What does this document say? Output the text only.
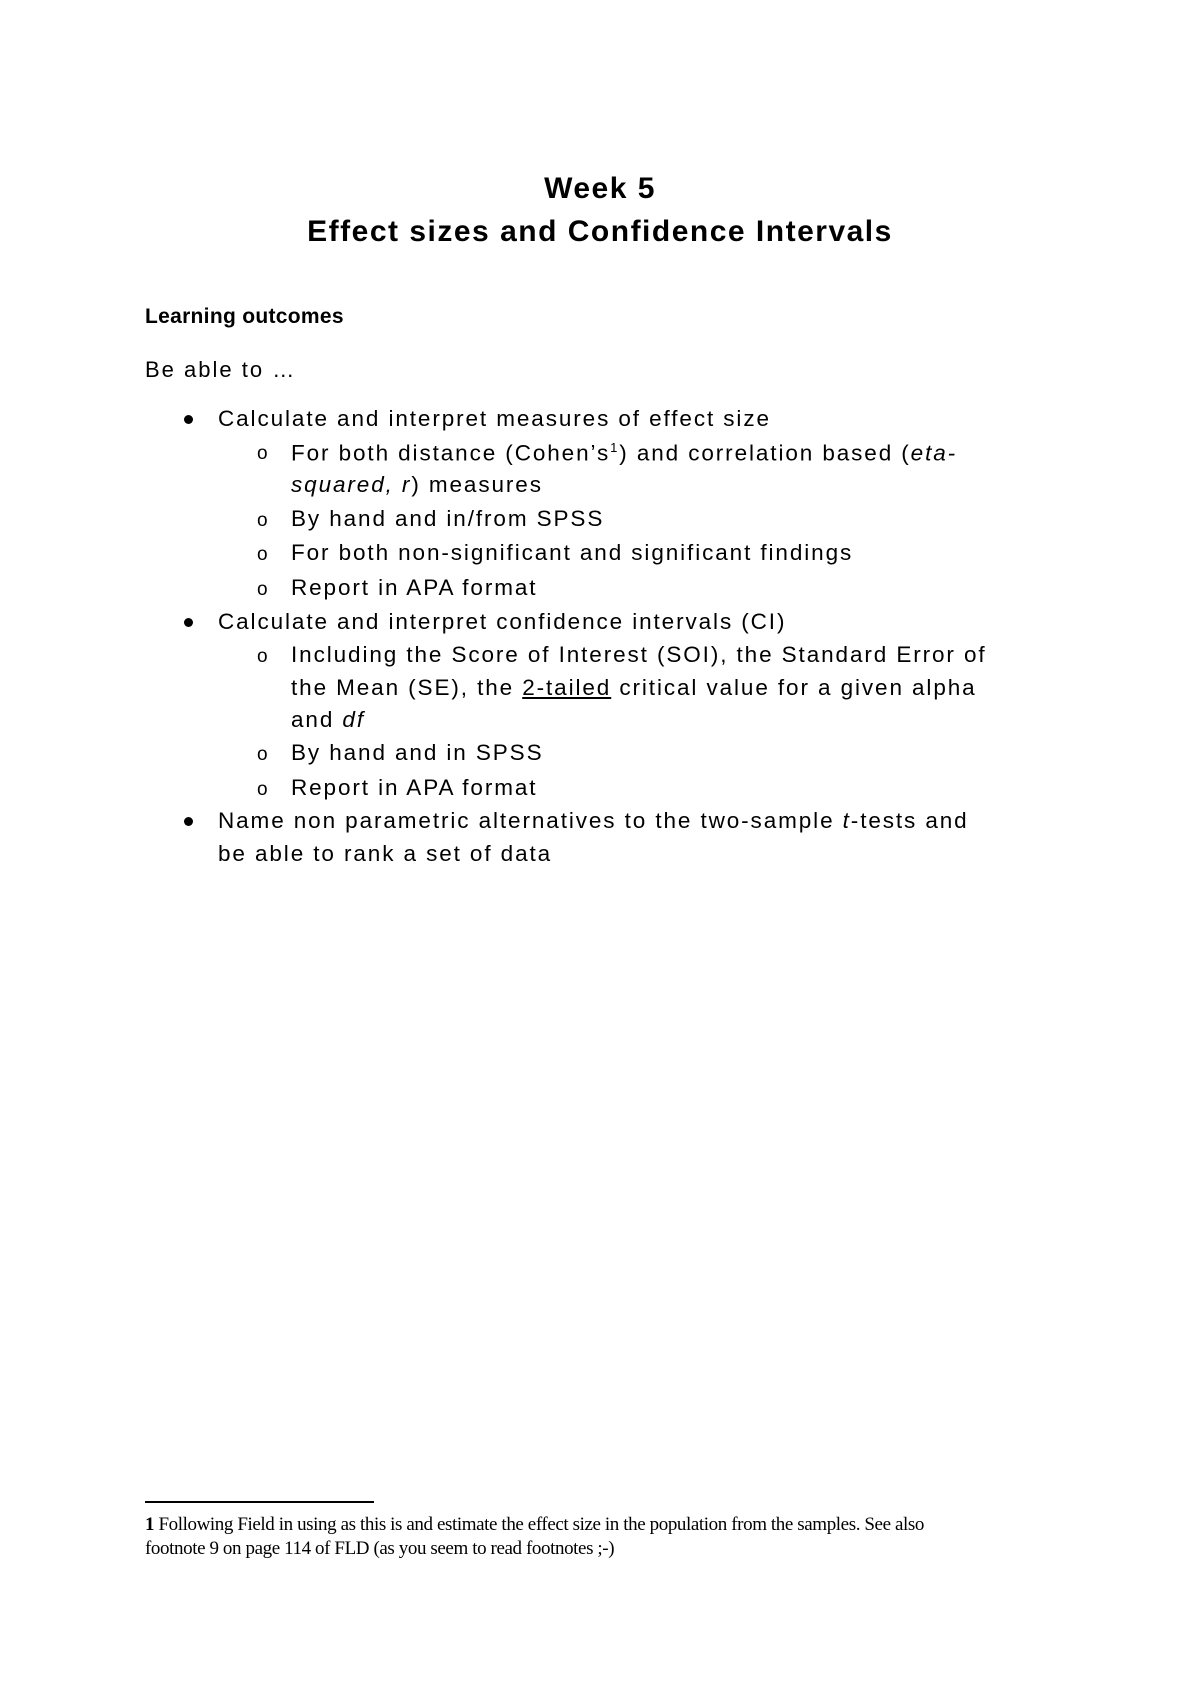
Week 5
Effect sizes and Confidence Intervals
Learning outcomes
Be able to …
Calculate and interpret measures of effect size
o For both distance $(Cohen’s^1)$ and correlation based (eta-
squared, r) measures
o By hand and in/from SPSS
o For both non-significant and significant findings
o Report in APA format
Calculate and interpret confidence intervals (CI)
o Including the Score of Interest (SOI), the Standard Error of
the Mean (SE), the 2-tailed critical value for a given alpha
and df
o By hand and in SPSS
o Report in APA format
Name non parametric alternatives to the two-sample t-tests and
be able to rank a set of data
1 Following Field in using as this is and estimate the effect size in the population from the samples. See also
footnote 9 on page 114 of FLD (as you seem to read footnotes ;-)
